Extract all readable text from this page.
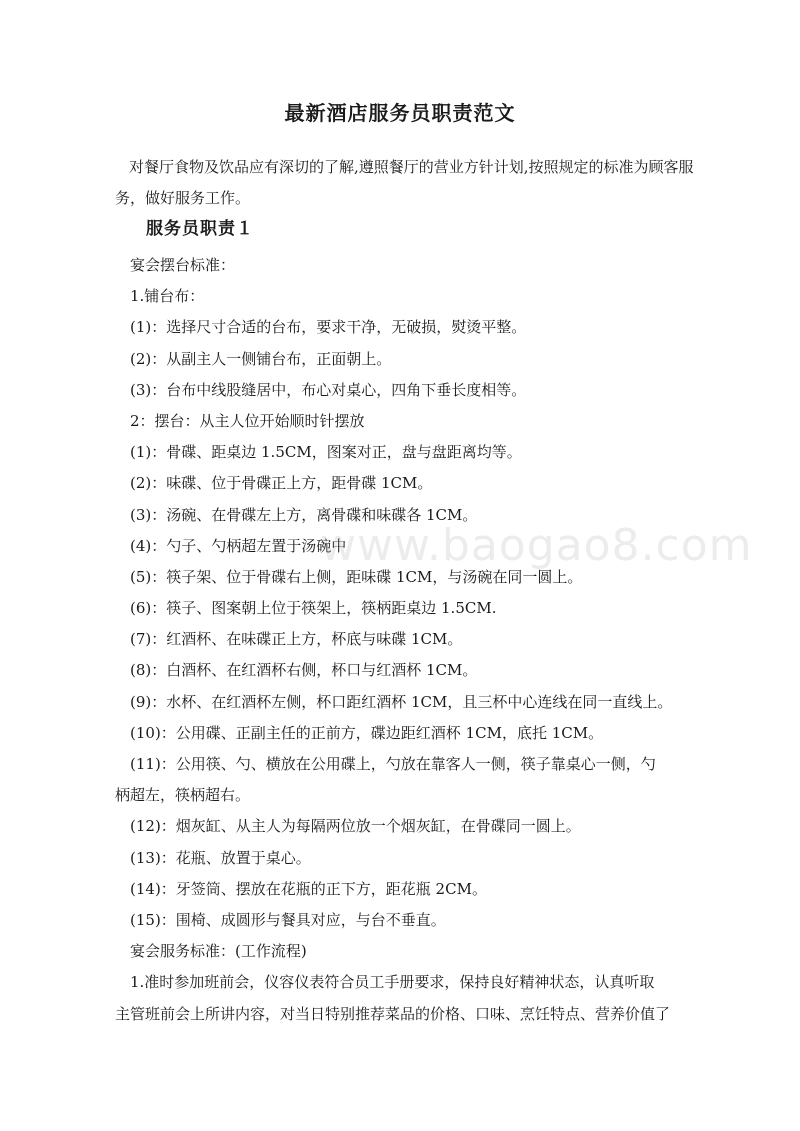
最新酒店服务员职责范文
对餐厅食物及饮品应有深切的了解,遵照餐厅的营业方针计划,按照规定的标准为顾客服务，做好服务工作。
服务员职责１
宴会摆台标准：
1.铺台布：
(1)：选择尺寸合适的台布，要求干净，无破损，熨烫平整。
(2)：从副主人一侧铺台布，正面朝上。
(3)：台布中线股缝居中，布心对桌心，四角下垂长度相等。
2：摆台：从主人位开始顺时针摆放
(1)：骨碟、距桌边 1.5CM，图案对正，盘与盘距离均等。
(2)：味碟、位于骨碟正上方，距骨碟 1CM。
(3)：汤碗、在骨碟左上方，离骨碟和味碟各 1CM。
(4)：勺子、勺柄超左置于汤碗中
(5)：筷子架、位于骨碟右上侧，距味碟 1CM，与汤碗在同一圆上。
(6)：筷子、图案朝上位于筷架上，筷柄距桌边 1.5CM.
(7)：红酒杯、在味碟正上方，杯底与味碟 1CM。
(8)：白酒杯、在红酒杯右侧，杯口与红酒杯 1CM。
(9)：水杯、在红酒杯左侧，杯口距红酒杯 1CM，且三杯中心连线在同一直线上。
(10)：公用碟、正副主任的正前方，碟边距红酒杯 1CM，底托 1CM。
(11)：公用筷、勺、横放在公用碟上，勺放在靠客人一侧，筷子靠桌心一侧，勺
柄超左，筷柄超右。
(12)：烟灰缸、从主人为每隔两位放一个烟灰缸，在骨碟同一圆上。
(13)：花瓶、放置于桌心。
(14)：牙签筒、摆放在花瓶的正下方，距花瓶 2CM。
(15)：围椅、成圆形与餐具对应，与台不垂直。
宴会服务标准：(工作流程)
1.准时参加班前会，仪容仪表符合员工手册要求，保持良好精神状态，认真听取
主管班前会上所讲内容，对当日特别推荐菜品的价格、口味、烹饪特点、营养价值了
www.baogao8.com
